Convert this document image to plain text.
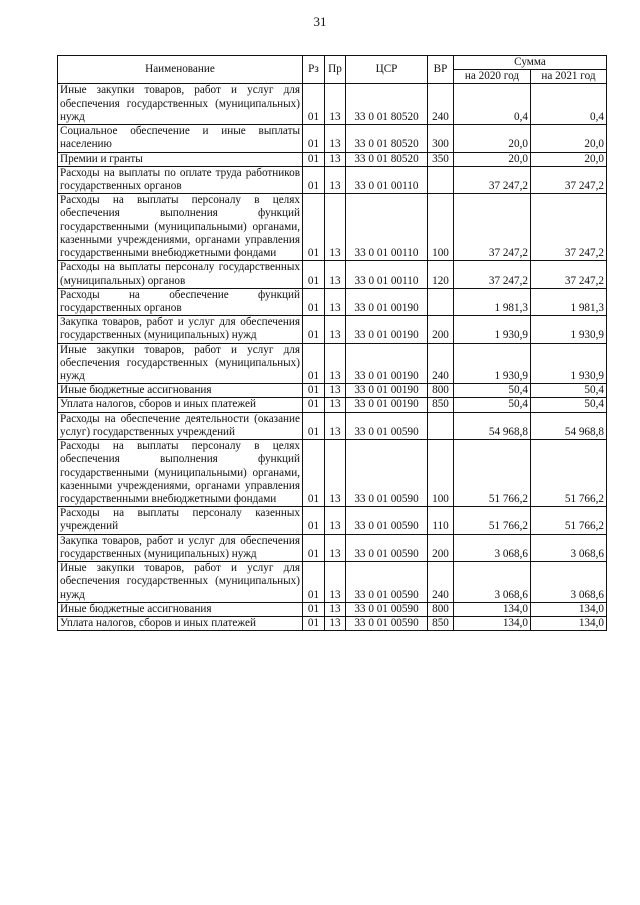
31
Наименование	Рз	Пр	ЦСР	ВР	Сумма	
					на 2020 год	на 2021 год
Иные закупки товаров, работ и услуг для обеспечения государственных (муниципальных) нужд	01	13	33 0 01 80520	240	0,4	0,4
Социальное обеспечение и иные выплаты населению	01	13	33 0 01 80520	300	20,0	20,0
Премии и гранты	01	13	33 0 01 80520	350	20,0	20,0
Расходы на выплаты по оплате труда работников государственных органов	01	13	33 0 01 00110		37 247,2	37 247,2
Расходы на выплаты персоналу в целях обеспечения выполнения функций государственными (муниципальными) органами, казенными учреждениями, органами управления государственными внебюджетными фондами	01	13	33 0 01 00110	100	37 247,2	37 247,2
Расходы на выплаты персоналу государственных (муниципальных) органов	01	13	33 0 01 00110	120	37 247,2	37 247,2
Расходы на обеспечение функций государственных органов	01	13	33 0 01 00190		1 981,3	1 981,3
Закупка товаров, работ и услуг для обеспечения государственных (муниципальных) нужд	01	13	33 0 01 00190	200	1 930,9	1 930,9
Иные закупки товаров, работ и услуг для обеспечения государственных (муниципальных) нужд	01	13	33 0 01 00190	240	1 930,9	1 930,9
Иные бюджетные ассигнования	01	13	33 0 01 00190	800	50,4	50,4
Уплата налогов, сборов и иных платежей	01	13	33 0 01 00190	850	50,4	50,4
Расходы на обеспечение деятельности (оказание услуг) государственных учреждений	01	13	33 0 01 00590		54 968,8	54 968,8
Расходы на выплаты персоналу в целях обеспечения выполнения функций государственными (муниципальными) органами, казенными учреждениями, органами управления государственными внебюджетными фондами	01	13	33 0 01 00590	100	51 766,2	51 766,2
Расходы на выплаты персоналу казенных учреждений	01	13	33 0 01 00590	110	51 766,2	51 766,2
Закупка товаров, работ и услуг для обеспечения государственных (муниципальных) нужд	01	13	33 0 01 00590	200	3 068,6	3 068,6
Иные закупки товаров, работ и услуг для обеспечения государственных (муниципальных) нужд	01	13	33 0 01 00590	240	3 068,6	3 068,6
Иные бюджетные ассигнования	01	13	33 0 01 00590	800	134,0	134,0
Уплата налогов, сборов и иных платежей	01	13	33 0 01 00590	850	134,0	134,0
